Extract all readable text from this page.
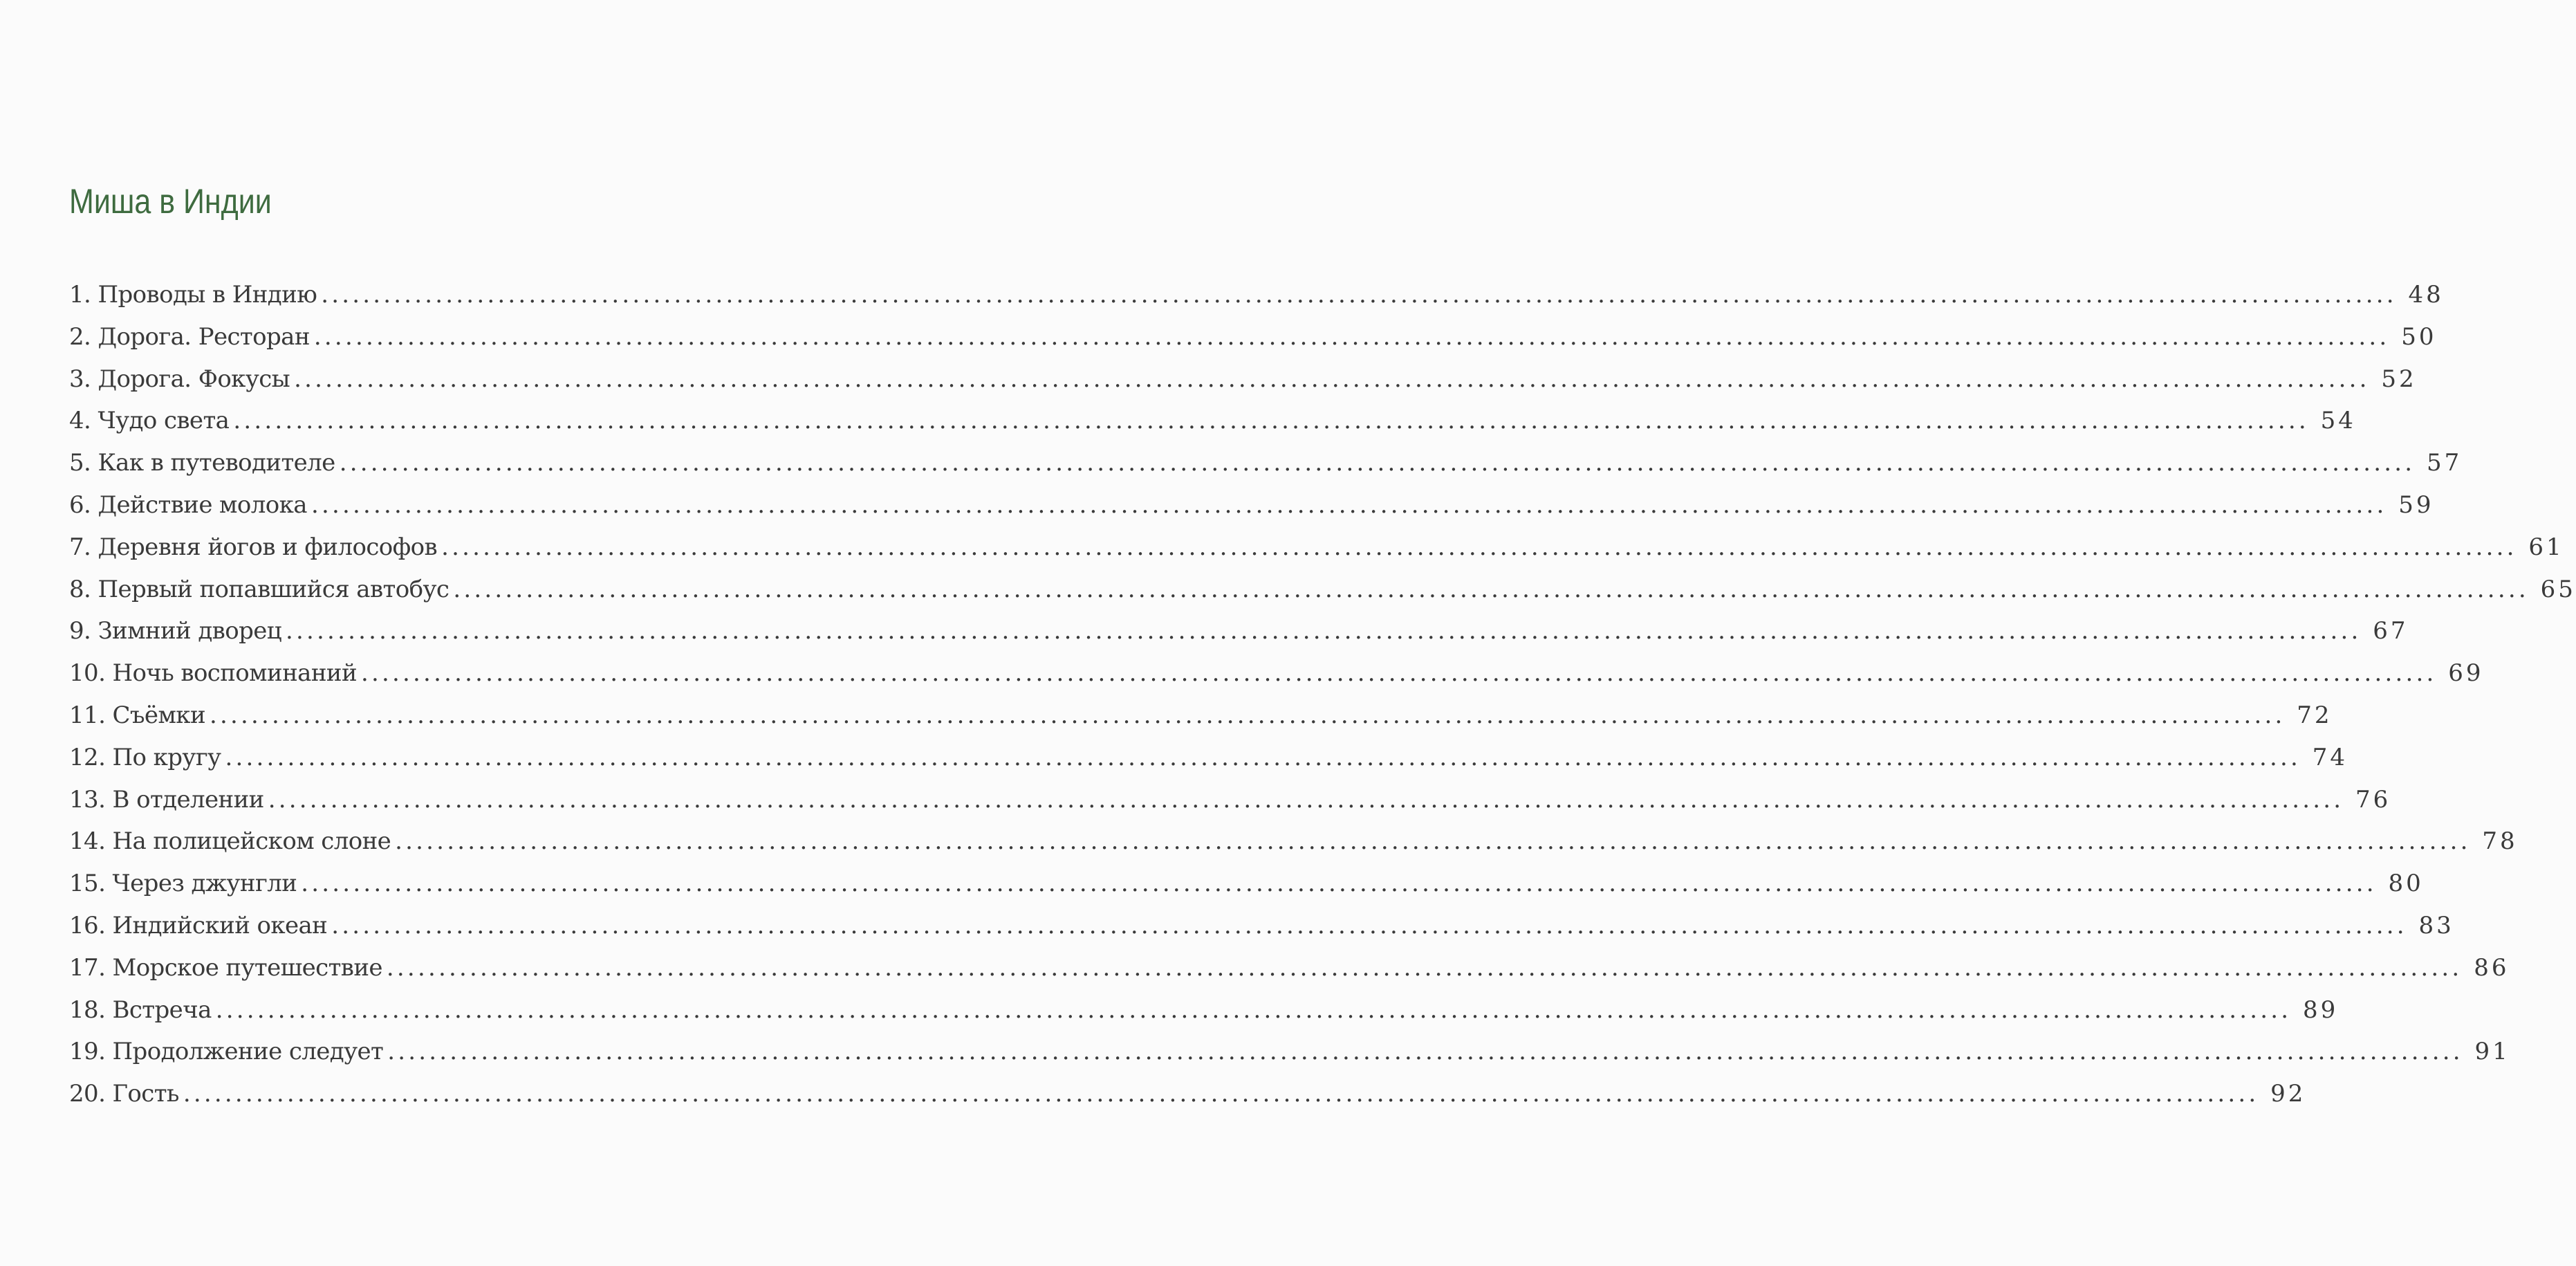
Миша в Индии
1. Проводы в Индию ........................................................................................................................................................................................................ 48
2. Дорога. Ресторан ........................................................................................................................................................................................................ 50
3. Дорога. Фокусы ........................................................................................................................................................................................................ 52
4. Чудо света ........................................................................................................................................................................................................ 54
5. Как в путеводителе ........................................................................................................................................................................................................ 57
6. Действие молока ........................................................................................................................................................................................................ 59
7. Деревня йогов и философов ........................................................................................................................................................................................................ 61
8. Первый попавшийся автобус ........................................................................................................................................................................................................ 65
9. Зимний дворец ........................................................................................................................................................................................................ 67
10. Ночь воспоминаний ........................................................................................................................................................................................................ 69
11. Съёмки ........................................................................................................................................................................................................ 72
12. По кругу ........................................................................................................................................................................................................ 74
13. В отделении ........................................................................................................................................................................................................ 76
14. На полицейском слоне ........................................................................................................................................................................................................ 78
15. Через джунгли ........................................................................................................................................................................................................ 80
16. Индийский океан ........................................................................................................................................................................................................ 83
17. Морское путешествие ........................................................................................................................................................................................................ 86
18. Встреча ........................................................................................................................................................................................................ 89
19. Продолжение следует ........................................................................................................................................................................................................ 91
20. Гость ........................................................................................................................................................................................................ 92
